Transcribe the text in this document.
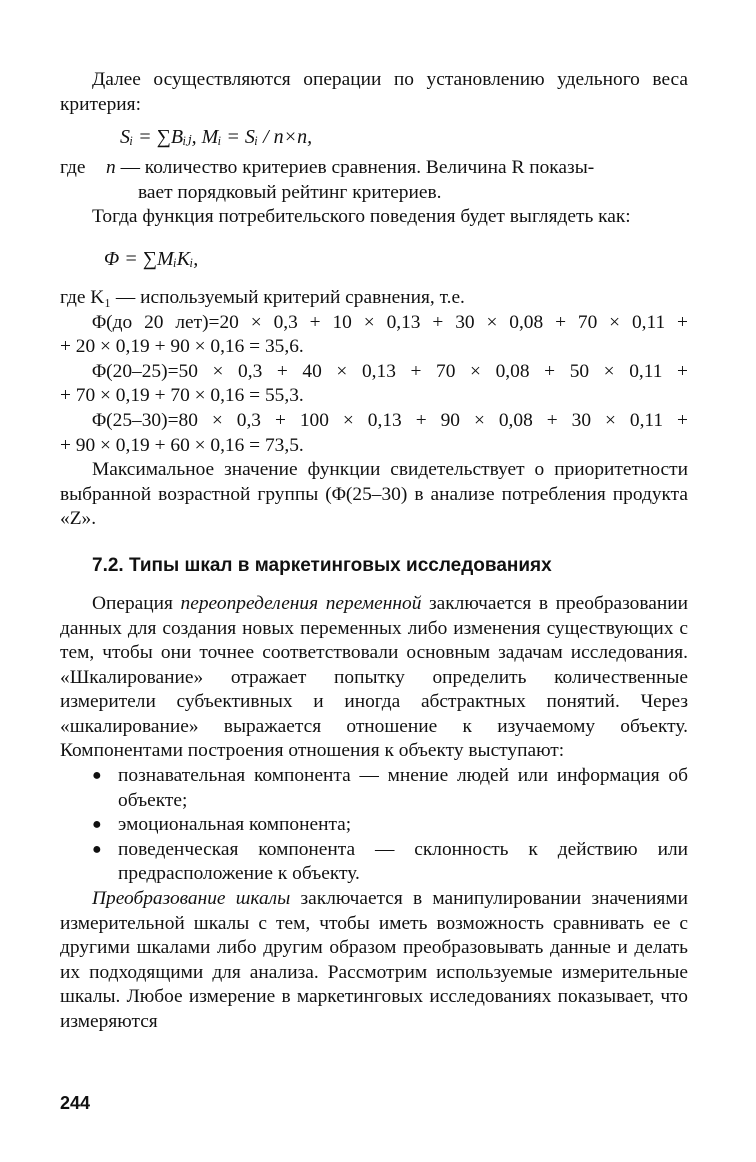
Далее осуществляются операции по установлению удельного веса критерия:

Sᵢ = ∑Bᵢⱼ, Mᵢ = Sᵢ / n×n,
где	n — количество критериев сравнения. Величина R показы-

вает порядковый рейтинг критериев.

Тогда функция потребительского поведения будет выглядеть как:

Φ = ∑MᵢKᵢ,

где K₁ — используемый критерий сравнения, т.е.

Φ(до 20 лет)=20 × 0,3 + 10 × 0,13 + 30 × 0,08 + 70 × 0,11 +

+ 20 × 0,19 + 90 × 0,16 = 35,6.

Φ(20–25)=50 × 0,3 + 40 × 0,13 + 70 × 0,08 + 50 × 0,11 +

+ 70 × 0,19 + 70 × 0,16 = 55,3.

Φ(25–30)=80 × 0,3 + 100 × 0,13 + 90 × 0,08 + 30 × 0,11 +

+ 90 × 0,19 + 60 × 0,16 = 73,5.

Максимальное значение функции свидетельствует о приоритетности выбранной возрастной группы (Φ(25–30) в анализе потребления продукта «Z».

7.2. Типы шкал в маркетинговых исследованиях

Операция переопределения переменной заключается в преобразовании данных для создания новых переменных либо изменения существующих с тем, чтобы они точнее соответствовали основным задачам исследования. «Шкалирование» отражает попытку определить количественные измерители субъективных и иногда абстрактных понятий. Через «шкалирование» выражается отношение к изучаемому объекту. Компонентами построения отношения к объекту выступают:

● познавательная компонента — мнение людей или информация об объекте;
● эмоциональная компонента;
● поведенческая компонента — склонность к действию или предрасположение к объекту.

Преобразование шкалы заключается в манипулировании значениями измерительной шкалы с тем, чтобы иметь возможность сравнивать ее с другими шкалами либо другим образом преобразовывать данные и делать их подходящими для анализа. Рассмотрим используемые измерительные шкалы. Любое измерение в маркетинговых исследованиях показывает, что измеряются

244
